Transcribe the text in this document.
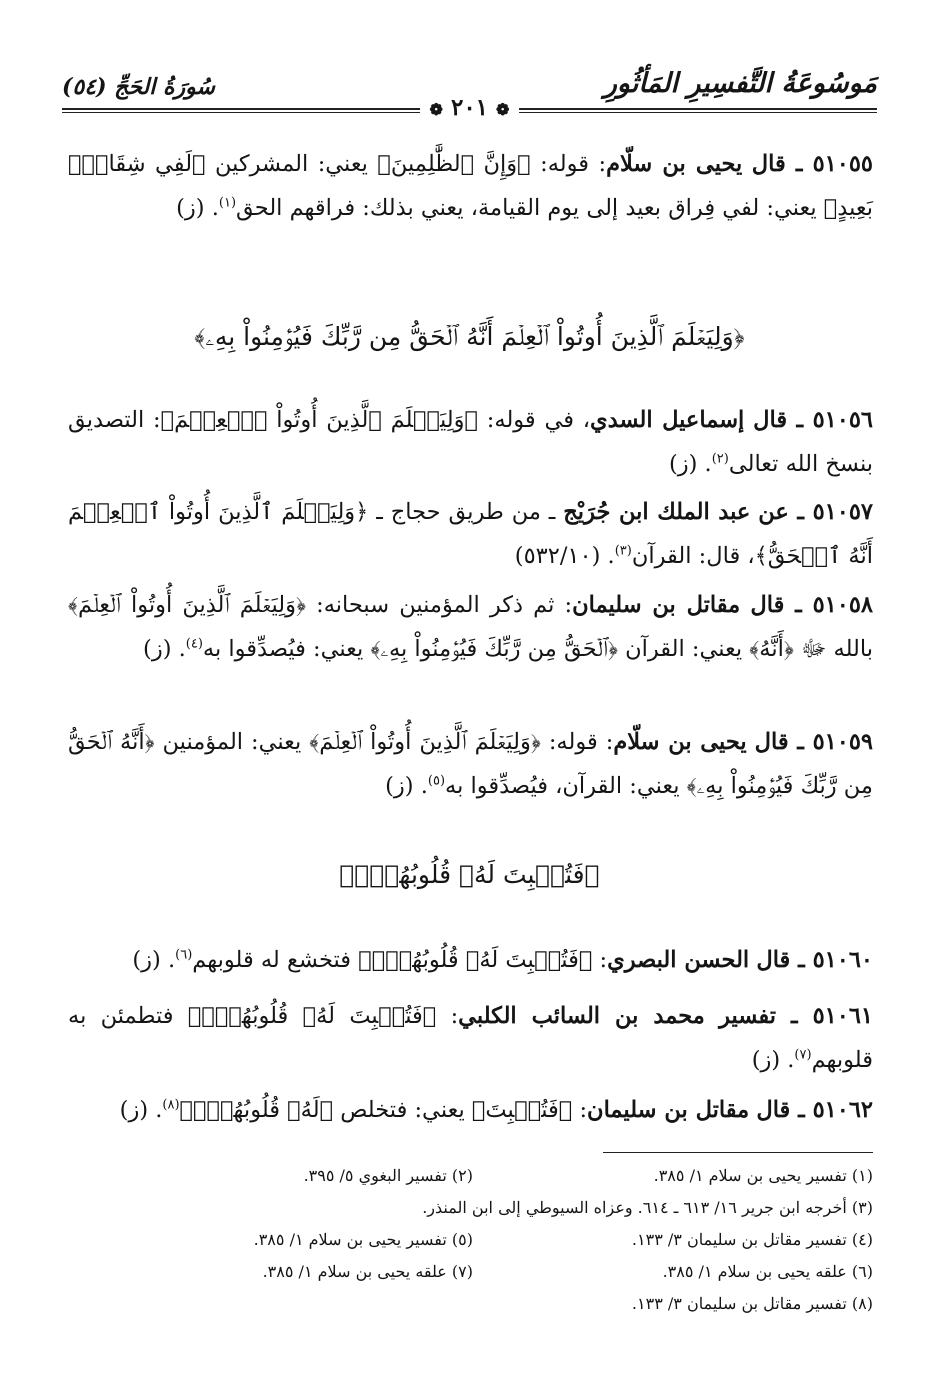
مَوسُوعَةُ التَّفسِيرِ المَأثُورِ
سُورَةُ الحَجِّ (٥٤)
❁ ٢٠١ ❁
٥١٠٥٥ ـ قال يحيى بن سلّام: قوله: ﴿وَإِنَّ ٱلظَّٰلِمِينَ﴾ يعني: المشركين ﴿لَفِي شِقَاقٍۭ بَعِيدٍ﴾ يعني: لفي فِراق بعيد إلى يوم القيامة، يعني بذلك: فراقهم الحق$^{(١)}$. (ز)
﴿وَلِيَعۡلَمَ ٱلَّذِينَ أُوتُواْ ٱلۡعِلۡمَ أَنَّهُ ٱلۡحَقُّ مِن رَّبِّكَ فَيُؤۡمِنُواْ بِهِۦ﴾
٥١٠٥٦ ـ قال إسماعيل السدي، في قوله: ﴿وَلِيَعۡلَمَ ٱلَّذِينَ أُوتُواْ ٱلۡعِلۡمَ﴾: التصديق بنسخ الله تعالى$^{(٢)}$. (ز)
٥١٠٥٧ ـ عن عبد الملك ابن جُرَيْج ـ من طريق حجاج ـ ﴿وَلِيَعۡلَمَ ٱلَّذِينَ أُوتُواْ ٱلۡعِلۡمَ أَنَّهُ ٱلۡحَقُّ﴾، قال: القرآن$^{(٣)}$. (٥٣٢/١٠)
٥١٠٥٨ ـ قال مقاتل بن سليمان: ثم ذكر المؤمنين سبحانه: ﴿وَلِيَعۡلَمَ ٱلَّذِينَ أُوتُواْ ٱلۡعِلۡمَ﴾ بالله ﷻ ﴿أَنَّهُ﴾ يعني: القرآن ﴿ٱلۡحَقُّ مِن رَّبِّكَ فَيُؤۡمِنُواْ بِهِۦ﴾ يعني: فيُصدِّقوا به$^{(٤)}$. (ز)
٥١٠٥٩ ـ قال يحيى بن سلّام: قوله: ﴿وَلِيَعۡلَمَ ٱلَّذِينَ أُوتُواْ ٱلۡعِلۡمَ﴾ يعني: المؤمنين ﴿أَنَّهُ ٱلۡحَقُّ مِن رَّبِّكَ فَيُؤۡمِنُواْ بِهِۦ﴾ يعني: القرآن، فيُصدِّقوا به$^{(٥)}$. (ز)
﴿فَتُخۡبِتَ لَهُۥ قُلُوبُهُمۡۗ﴾
٥١٠٦٠ ـ قال الحسن البصري: ﴿فَتُخۡبِتَ لَهُۥ قُلُوبُهُمۡۗ﴾ فتخشع له قلوبهم$^{(٦)}$. (ز)
٥١٠٦١ ـ تفسير محمد بن السائب الكلبي: ﴿فَتُخۡبِتَ لَهُۥ قُلُوبُهُمۡۗ﴾ فتطمئن به قلوبهم$^{(٧)}$. (ز)
٥١٠٦٢ ـ قال مقاتل بن سليمان: ﴿فَتُخۡبِتَ﴾ يعني: فتخلص ﴿لَهُۥ قُلُوبُهُمۡۗ﴾$^{(٨)}$. (ز)
(١) تفسير يحيى بن سلام ١/ ٣٨٥.
(٢) تفسير البغوي ٥/ ٣٩٥.
(٣) أخرجه ابن جرير ١٦/ ٦١٣ ـ ٦١٤. وعزاه السيوطي إلى ابن المنذر.
(٤) تفسير مقاتل بن سليمان ٣/ ١٣٣.
(٥) تفسير يحيى بن سلام ١/ ٣٨٥.
(٦) علقه يحيى بن سلام ١/ ٣٨٥.
(٧) علقه يحيى بن سلام ١/ ٣٨٥.
(٨) تفسير مقاتل بن سليمان ٣/ ١٣٣.
